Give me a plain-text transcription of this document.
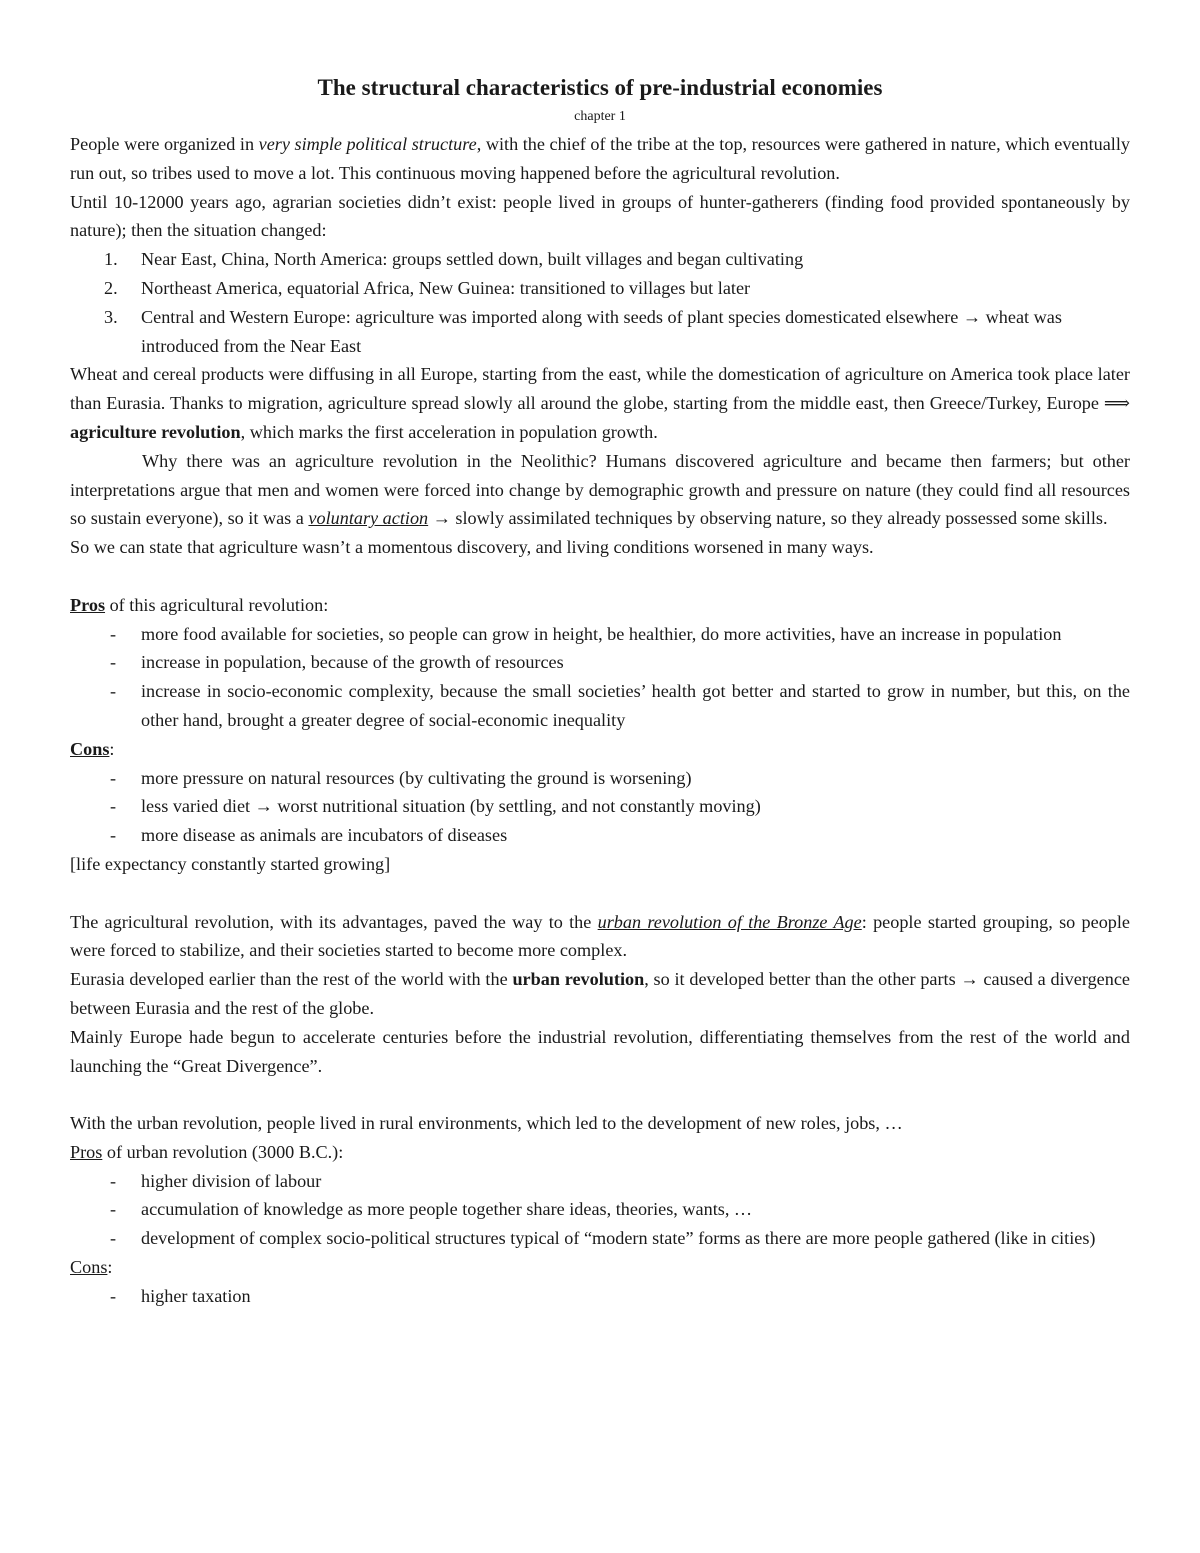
The structural characteristics of pre-industrial economies

chapter 1

People were organized in very simple political structure, with the chief of the tribe at the top, resources were gathered in nature, which eventually run out, so tribes used to move a lot. This continuous moving happened before the agricultural revolution.

Until 10-12000 years ago, agrarian societies didn’t exist: people lived in groups of hunter-gatherers (finding food provided spontaneously by nature); then the situation changed:

1. Near East, China, North America: groups settled down, built villages and began cultivating
2. Northeast America, equatorial Africa, New Guinea: transitioned to villages but later
3. Central and Western Europe: agriculture was imported along with seeds of plant species domesticated elsewhere → wheat was introduced from the Near East

Wheat and cereal products were diffusing in all Europe, starting from the east, while the domestication of agriculture on America took place later than Eurasia. Thanks to migration, agriculture spread slowly all around the globe, starting from the middle east, then Greece/Turkey, Europe ⟹ agriculture revolution, which marks the first acceleration in population growth.

Why there was an agriculture revolution in the Neolithic? Humans discovered agriculture and became then farmers; but other interpretations argue that men and women were forced into change by demographic growth and pressure on nature (they could find all resources so sustain everyone), so it was a voluntary action → slowly assimilated techniques by observing nature, so they already possessed some skills.

So we can state that agriculture wasn’t a momentous discovery, and living conditions worsened in many ways.

Pros of this agricultural revolution:

- more food available for societies, so people can grow in height, be healthier, do more activities, have an increase in population
- increase in population, because of the growth of resources
- increase in socio-economic complexity, because the small societies’ health got better and started to grow in number, but this, on the other hand, brought a greater degree of social-economic inequality

Cons:

- more pressure on natural resources (by cultivating the ground is worsening)
- less varied diet → worst nutritional situation (by settling, and not constantly moving)
- more disease as animals are incubators of diseases

[life expectancy constantly started growing]

The agricultural revolution, with its advantages, paved the way to the urban revolution of the Bronze Age: people started grouping, so people were forced to stabilize, and their societies started to become more complex.

Eurasia developed earlier than the rest of the world with the urban revolution, so it developed better than the other parts → caused a divergence between Eurasia and the rest of the globe.

Mainly Europe hade begun to accelerate centuries before the industrial revolution, differentiating themselves from the rest of the world and launching the “Great Divergence”.

With the urban revolution, people lived in rural environments, which led to the development of new roles, jobs, …

Pros of urban revolution (3000 B.C.):

- higher division of labour
- accumulation of knowledge as more people together share ideas, theories, wants, …
- development of complex socio-political structures typical of “modern state” forms as there are more people gathered (like in cities)

Cons:

- higher taxation
